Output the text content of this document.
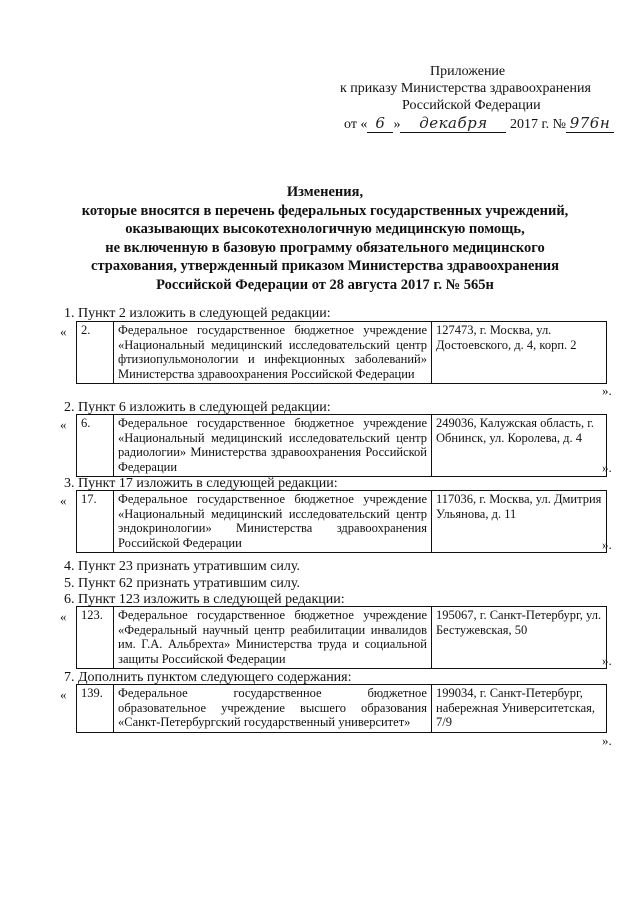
Приложение
к приказу Министерства здравоохранения
Российской Федерации
от « 6 » декабря 2017 г. № 976н
Изменения,
которые вносятся в перечень федеральных государственных учреждений,
оказывающих высокотехнологичную медицинскую помощь,
не включенную в базовую программу обязательного медицинского
страхования, утвержденный приказом Министерства здравоохранения
Российской Федерации от 28 августа 2017 г. № 565н
1. Пункт 2 изложить в следующей редакции:
« 2.	Федеральное государственное бюджетное учреждение «Национальный медицинский исследовательский центр фтизиопульмонологии и инфекционных заболеваний» Министерства здравоохранения Российской Федерации	127473, г. Москва, ул. Достоевского, д. 4, корп. 2
».
2. Пункт 6 изложить в следующей редакции:
« 6.	Федеральное государственное бюджетное учреждение «Национальный медицинский исследовательский центр радиологии» Министерства здравоохранения Российской Федерации	249036, Калужская область, г. Обнинск, ул. Королева, д. 4
».
3. Пункт 17 изложить в следующей редакции:
« 17.	Федеральное государственное бюджетное учреждение «Национальный медицинский исследовательский центр эндокринологии» Министерства здравоохранения Российской Федерации	117036, г. Москва, ул. Дмитрия Ульянова, д. 11
».
4. Пункт 23 признать утратившим силу.
5. Пункт 62 признать утратившим силу.
6. Пункт 123 изложить в следующей редакции:
« 123.	Федеральное государственное бюджетное учреждение «Федеральный научный центр реабилитации инвалидов им. Г.А. Альбрехта» Министерства труда и социальной защиты Российской Федерации	195067, г. Санкт-Петербург, ул. Бестужевская, 50
».
7. Дополнить пунктом следующего содержания:
« 139.	Федеральное государственное бюджетное образовательное учреждение высшего образования «Санкт-Петербургский государственный университет»	199034, г. Санкт-Петербург, набережная Университетская, 7/9
».
